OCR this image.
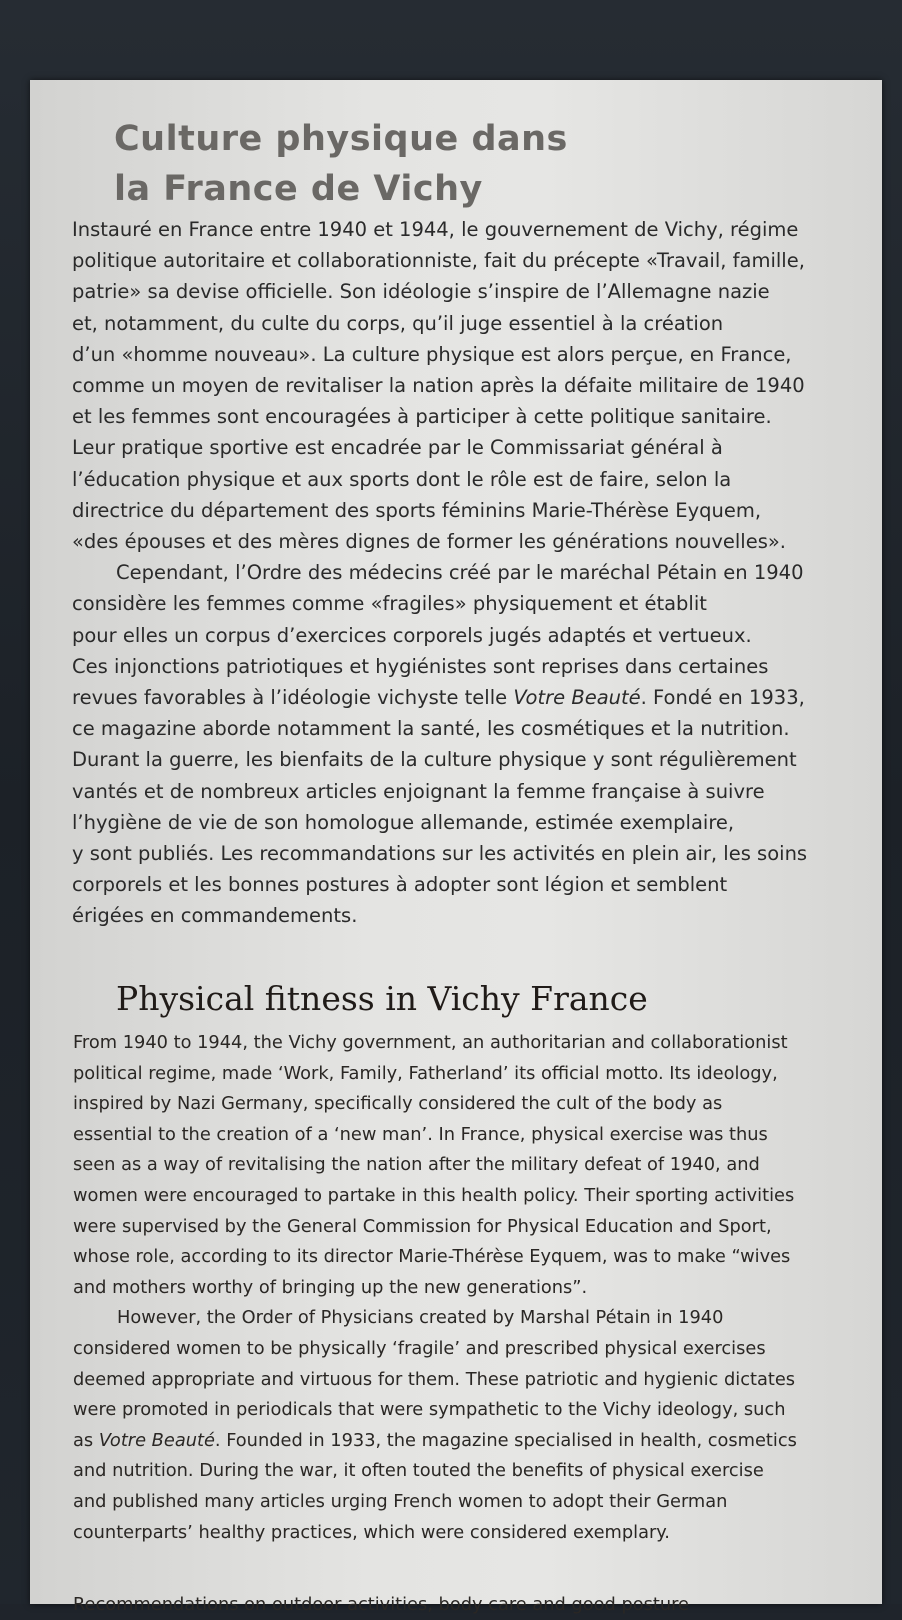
Culture physique dans
la France de Vichy

Instauré en France entre 1940 et 1944, le gouvernement de Vichy, régime
politique autoritaire et collaborationniste, fait du précepte «Travail, famille,
patrie» sa devise officielle. Son idéologie s’inspire de l’Allemagne nazie
et, notamment, du culte du corps, qu’il juge essentiel à la création
d’un «homme nouveau». La culture physique est alors perçue, en France,
comme un moyen de revitaliser la nation après la défaite militaire de 1940
et les femmes sont encouragées à participer à cette politique sanitaire.
Leur pratique sportive est encadrée par le Commissariat général à
l’éducation physique et aux sports dont le rôle est de faire, selon la
directrice du département des sports féminins Marie-Thérèse Eyquem,
«des épouses et des mères dignes de former les générations nouvelles».
Cependant, l’Ordre des médecins créé par le maréchal Pétain en 1940
considère les femmes comme «fragiles» physiquement et établit
pour elles un corpus d’exercices corporels jugés adaptés et vertueux.
Ces injonctions patriotiques et hygiénistes sont reprises dans certaines
revues favorables à l’idéologie vichyste telle Votre Beauté. Fondé en 1933,
ce magazine aborde notamment la santé, les cosmétiques et la nutrition.
Durant la guerre, les bienfaits de la culture physique y sont régulièrement
vantés et de nombreux articles enjoignant la femme française à suivre
l’hygiène de vie de son homologue allemande, estimée exemplaire,
y sont publiés. Les recommandations sur les activités en plein air, les soins
corporels et les bonnes postures à adopter sont légion et semblent
érigées en commandements.

Physical fitness in Vichy France

From 1940 to 1944, the Vichy government, an authoritarian and collaborationist
political regime, made ‘Work, Family, Fatherland’ its official motto. Its ideology,
inspired by Nazi Germany, specifically considered the cult of the body as
essential to the creation of a ‘new man’. In France, physical exercise was thus
seen as a way of revitalising the nation after the military defeat of 1940, and
women were encouraged to partake in this health policy. Their sporting activities
were supervised by the General Commission for Physical Education and Sport,
whose role, according to its director Marie-Thérèse Eyquem, was to make “wives
and mothers worthy of bringing up the new generations”.
However, the Order of Physicians created by Marshal Pétain in 1940
considered women to be physically ‘fragile’ and prescribed physical exercises
deemed appropriate and virtuous for them. These patriotic and hygienic dictates
were promoted in periodicals that were sympathetic to the Vichy ideology, such
as Votre Beauté. Founded in 1933, the magazine specialised in health, cosmetics
and nutrition. During the war, it often touted the benefits of physical exercise
and published many articles urging French women to adopt their German
counterparts’ healthy practices, which were considered exemplary.

Recommendations on outdoor activities, body care and good posture
